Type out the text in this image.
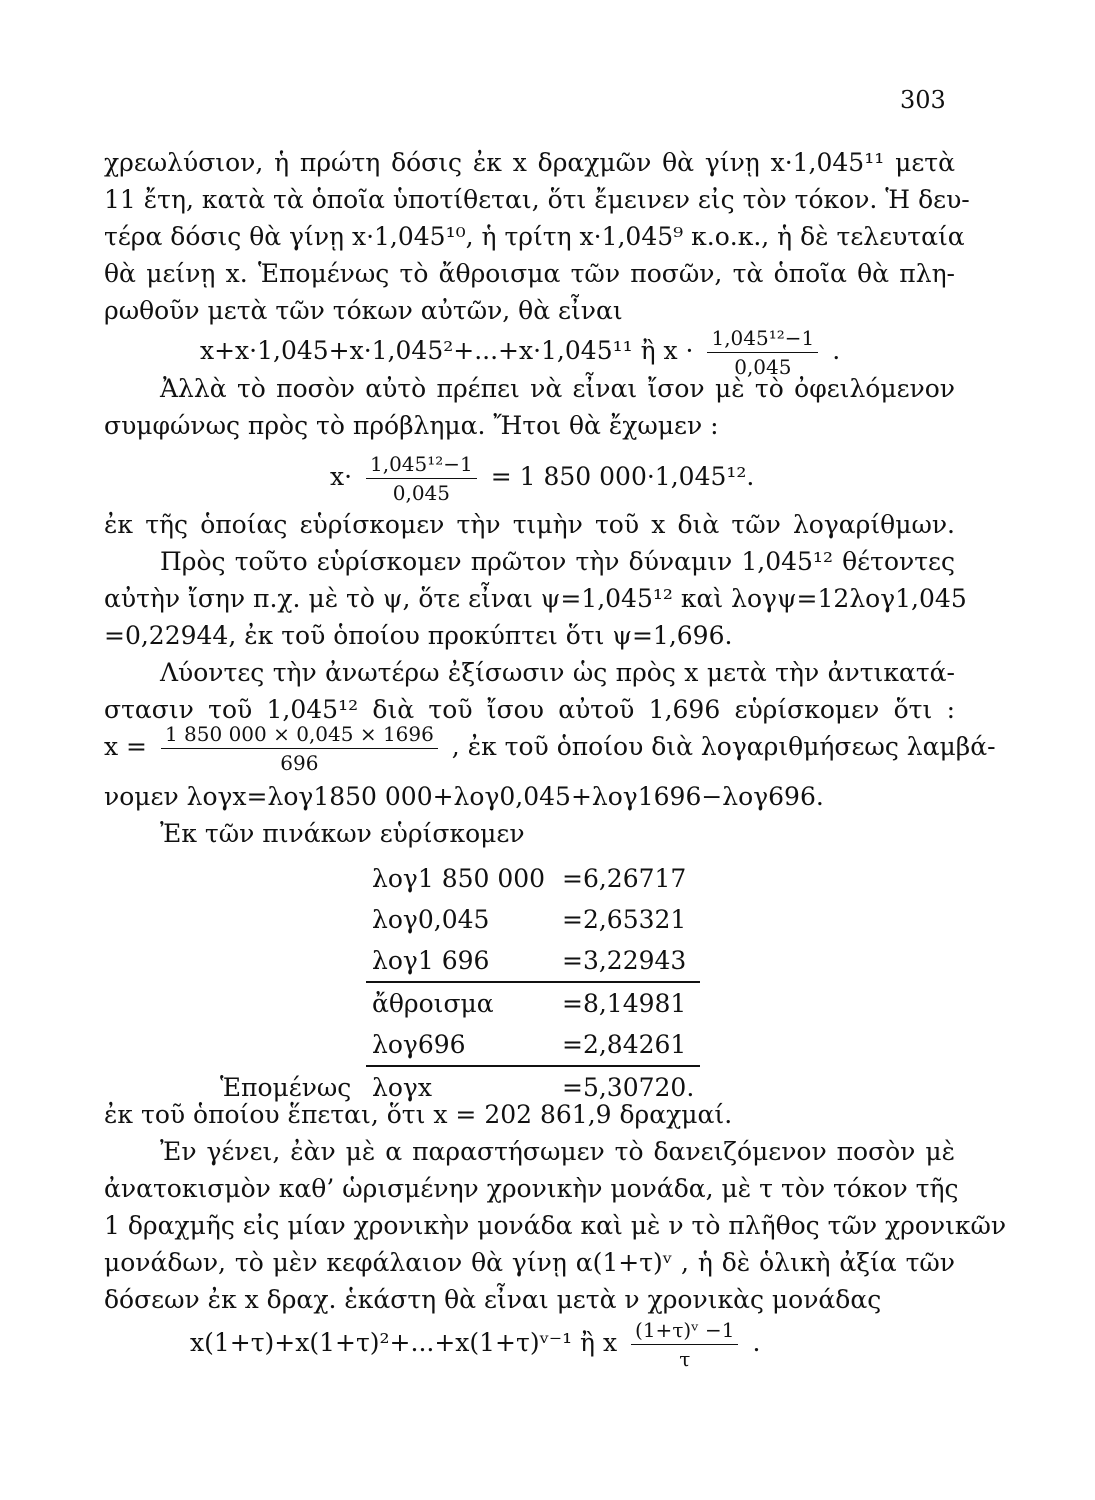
303
χρεωλύσιον, ἡ πρώτη δόσις ἐκ x δραχμῶν θὰ γίνῃ x·1,045¹¹ μετὰ
11 ἔτη, κατὰ τὰ ὁποῖα ὑποτίθεται, ὅτι ἔμεινεν εἰς τὸν τόκον. Ἡ δευ-
τέρα δόσις θὰ γίνῃ x·1,045¹⁰, ἡ τρίτη x·1,045⁹ κ.ο.κ., ἡ δὲ τελευταία
θὰ μείνῃ x. Ἑπομένως τὸ ἄθροισμα τῶν ποσῶν, τὰ ὁποῖα θὰ πλη-
ρωθοῦν μετὰ τῶν τόκων αὐτῶν, θὰ εἶναι
x+x·1,045+x·1,045²+...+x·1,045¹¹ ἢ $x \cdot \frac{\text{1,045¹²−1}}{0,045}$ .
Ἀλλὰ τὸ ποσὸν αὐτὸ πρέπει νὰ εἶναι ἴσον μὲ τὸ ὀφειλόμενον
συμφώνως πρὸς τὸ πρόβλημα. Ἤτοι θὰ ἔχωμεν :
$x\cdot \frac{\text{1,045¹²−1}}{0,045} = 1$ 850 000·1,045¹².
ἐκ τῆς ὁποίας εὑρίσκομεν τὴν τιμὴν τοῦ x διὰ τῶν λογαρίθμων.
Πρὸς τοῦτο εὑρίσκομεν πρῶτον τὴν δύναμιν 1,045¹² θέτοντες
αὐτὴν ἴσην π.χ. μὲ τὸ ψ, ὅτε εἶναι ψ=1,045¹² καὶ λογψ=12λογ1,045
=0,22944, ἐκ τοῦ ὁποίου προκύπτει ὅτι ψ=1,696.
Λύοντες τὴν ἀνωτέρω ἐξίσωσιν ὡς πρὸς x μετὰ τὴν ἀντικατά-
στασιν τοῦ 1,045¹² διὰ τοῦ ἴσου αὐτοῦ 1,696 εὑρίσκομεν ὅτι :
$x = \frac{1 850 000 \times 0,045 \times 1696}{696}$ , ἐκ τοῦ ὁποίου διὰ λογαριθμήσεως λαμβά-
νομεν λογx=λογ1850 000+λογ0,045+λογ1696−λογ696.
Ἐκ τῶν πινάκων εὑρίσκομεν
	λογ1 850 000	=6,26717
	λογ0,045	=2,65321
	λογ1 696	=3,22943
	ἄθροισμα	=8,14981
	λογ696	=2,84261
Ἑπομένως	λογx	=5,30720.
ἐκ τοῦ ὁποίου ἕπεται, ὅτι x = 202 861,9 δραχμαί.
Ἐν γένει, ἐὰν μὲ α παραστήσωμεν τὸ δανειζόμενον ποσὸν μὲ
ἀνατοκισμὸν καθ’ ὡρισμένην χρονικὴν μονάδα, μὲ τ τὸν τόκον τῆς
1 δραχμῆς εἰς μίαν χρονικὴν μονάδα καὶ μὲ ν τὸ πλῆθος τῶν χρονικῶν
μονάδων, τὸ μὲν κεφάλαιον θὰ γίνῃ α(1+τ)ᵛ , ἡ δὲ ὁλικὴ ἀξία τῶν
δόσεων ἐκ x δραχ. ἑκάστη θὰ εἶναι μετὰ ν χρονικὰς μονάδας
x(1+τ)+x(1+τ)²+...+x(1+τ)ᵛ⁻¹ ἢ x $\frac{\text{(1+τ)ᵛ −1}}{\tau}$ .
